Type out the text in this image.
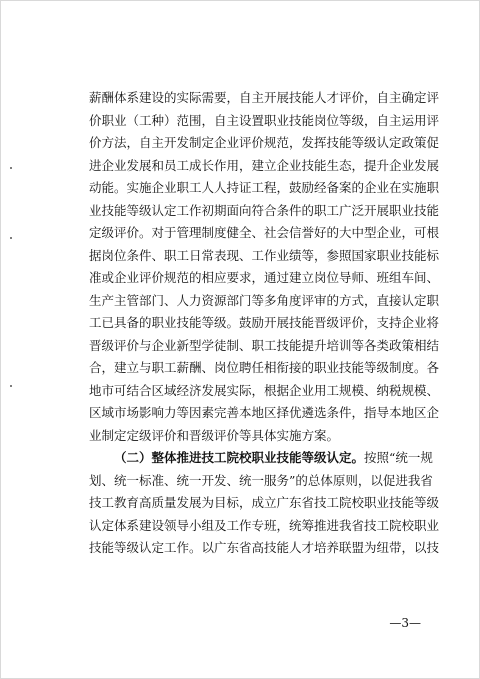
薪酬体系建设的实际需要，自主开展技能人才评价，自主确定评
价职业（工种）范围，自主设置职业技能岗位等级，自主运用评
价方法，自主开发制定企业评价规范，发挥技能等级认定政策促
进企业发展和员工成长作用，建立企业技能生态，提升企业发展
动能。实施企业职工人人持证工程，鼓励经备案的企业在实施职
业技能等级认定工作初期面向符合条件的职工广泛开展职业技能
定级评价。对于管理制度健全、社会信誉好的大中型企业，可根
据岗位条件、职工日常表现、工作业绩等，参照国家职业技能标
准或企业评价规范的相应要求，通过建立岗位导师、班组车间、
生产主管部门、人力资源部门等多角度评审的方式，直接认定职
工已具备的职业技能等级。鼓励开展技能晋级评价，支持企业将
晋级评价与企业新型学徒制、职工技能提升培训等各类政策相结
合，建立与职工薪酬、岗位聘任相衔接的职业技能等级制度。各
地市可结合区域经济发展实际，根据企业用工规模、纳税规模、
区域市场影响力等因素完善本地区择优遴选条件，指导本地区企
业制定定级评价和晋级评价等具体实施方案。
（二）整体推进技工院校职业技能等级认定。按照“统一规
划、统一标准、统一开发、统一服务”的总体原则，以促进我省
技工教育高质量发展为目标，成立广东省技工院校职业技能等级
认定体系建设领导小组及工作专班，统筹推进我省技工院校职业
技能等级认定工作。以广东省高技能人才培养联盟为纽带，以技
—3—
